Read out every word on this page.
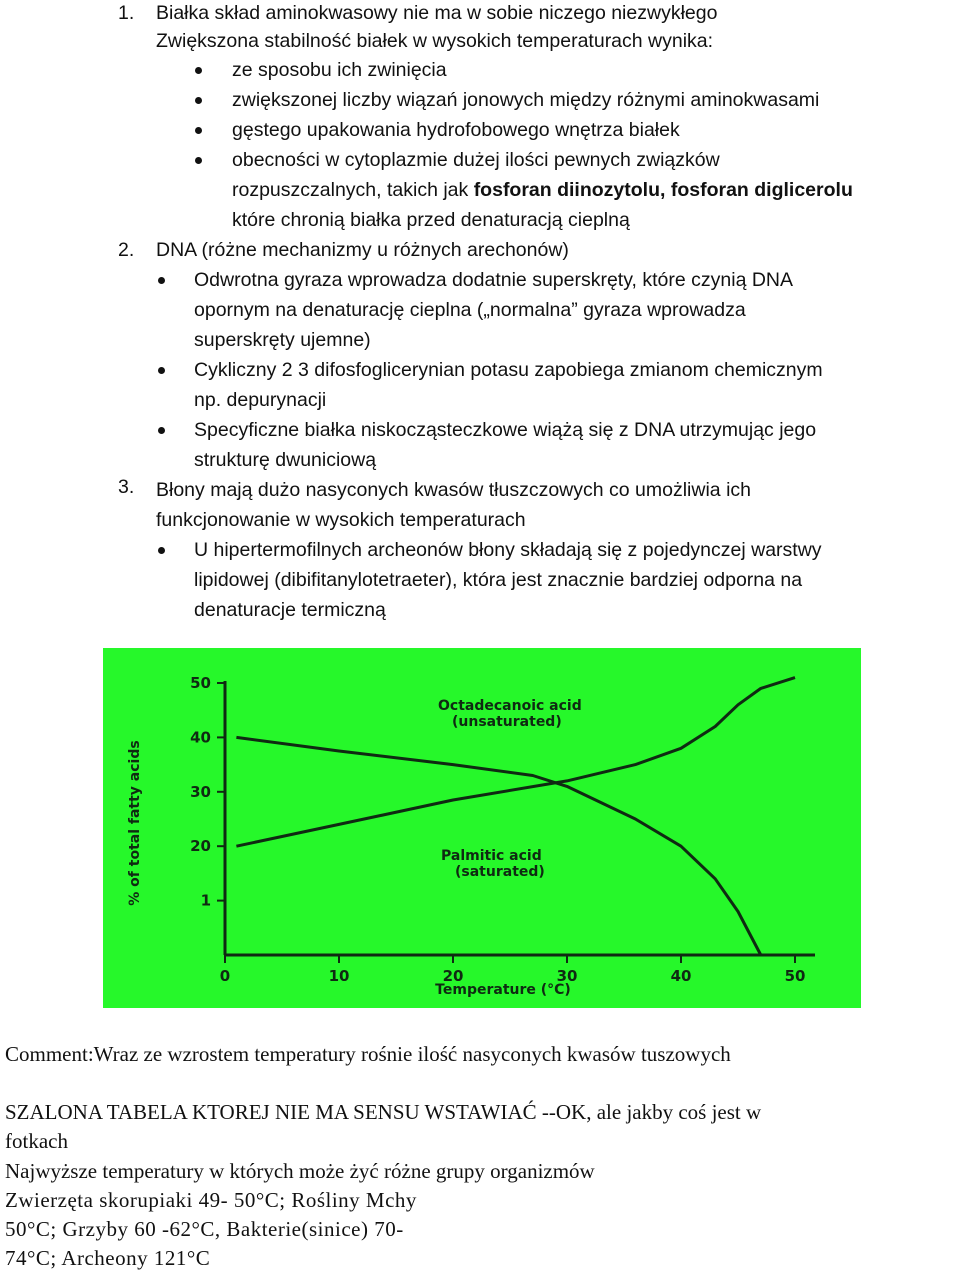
1. Białka skład aminokwasowy nie ma w sobie niczego niezwykłego
Zwiększona stabilność białek w wysokich temperaturach wynika:
ze sposobu ich zwinięcia
zwiększonej liczby wiązań jonowych między różnymi aminokwasami
gęstego upakowania hydrofobowego wnętrza białek
obecności w cytoplazmie dużej ilości pewnych związków
rozpuszczalnych, takich jak fosforan diinozytolu, fosforan diglicerolu
które chronią białka przed denaturacją cieplną
2. DNA (różne mechanizmy u różnych arechonów)
Odwrotna gyraza wprowadza dodatnie superskręty, które czynią DNA
opornym na denaturację cieplna („normalna” gyraza wprowadza
superskręty ujemne)
Cykliczny 2 3 difosfoglicerynian potasu zapobiega zmianom chemicznym
np. depurynacji
Specyficzne białka niskocząsteczkowe wiążą się z DNA utrzymując jego
strukturę dwuniciową
3. Błony mają dużo nasyconych kwasów tłuszczowych co umożliwia ich
funkcjonowanie w wysokich temperaturach
U hipertermofilnych archeonów błony składają się z pojedynczej warstwy
lipidowej (dibifitanylotetraeter), która jest znacznie bardziej odporna na
denaturacje termiczną
% of total fatty acids
Temperature (°C)
0	10	20	30	40	50
50
40
30
20
1
Octadecanoic acid
(unsaturated)
Palmitic acid
(saturated)
Comment:Wraz ze wzrostem temperatury rośnie ilość nasyconych kwasów tuszowych
SZALONA TABELA KTOREJ NIE MA SENSU WSTAWIAĆ --OK, ale jakby coś jest w
fotkach
Najwyższe temperatury w których może żyć różne grupy organizmów
Zwierzęta skorupiaki 49- 50°C; Rośliny Mchy
50°C; Grzyby 60 -62°C, Bakterie(sinice) 70-
74°C; Archeony 121°C
